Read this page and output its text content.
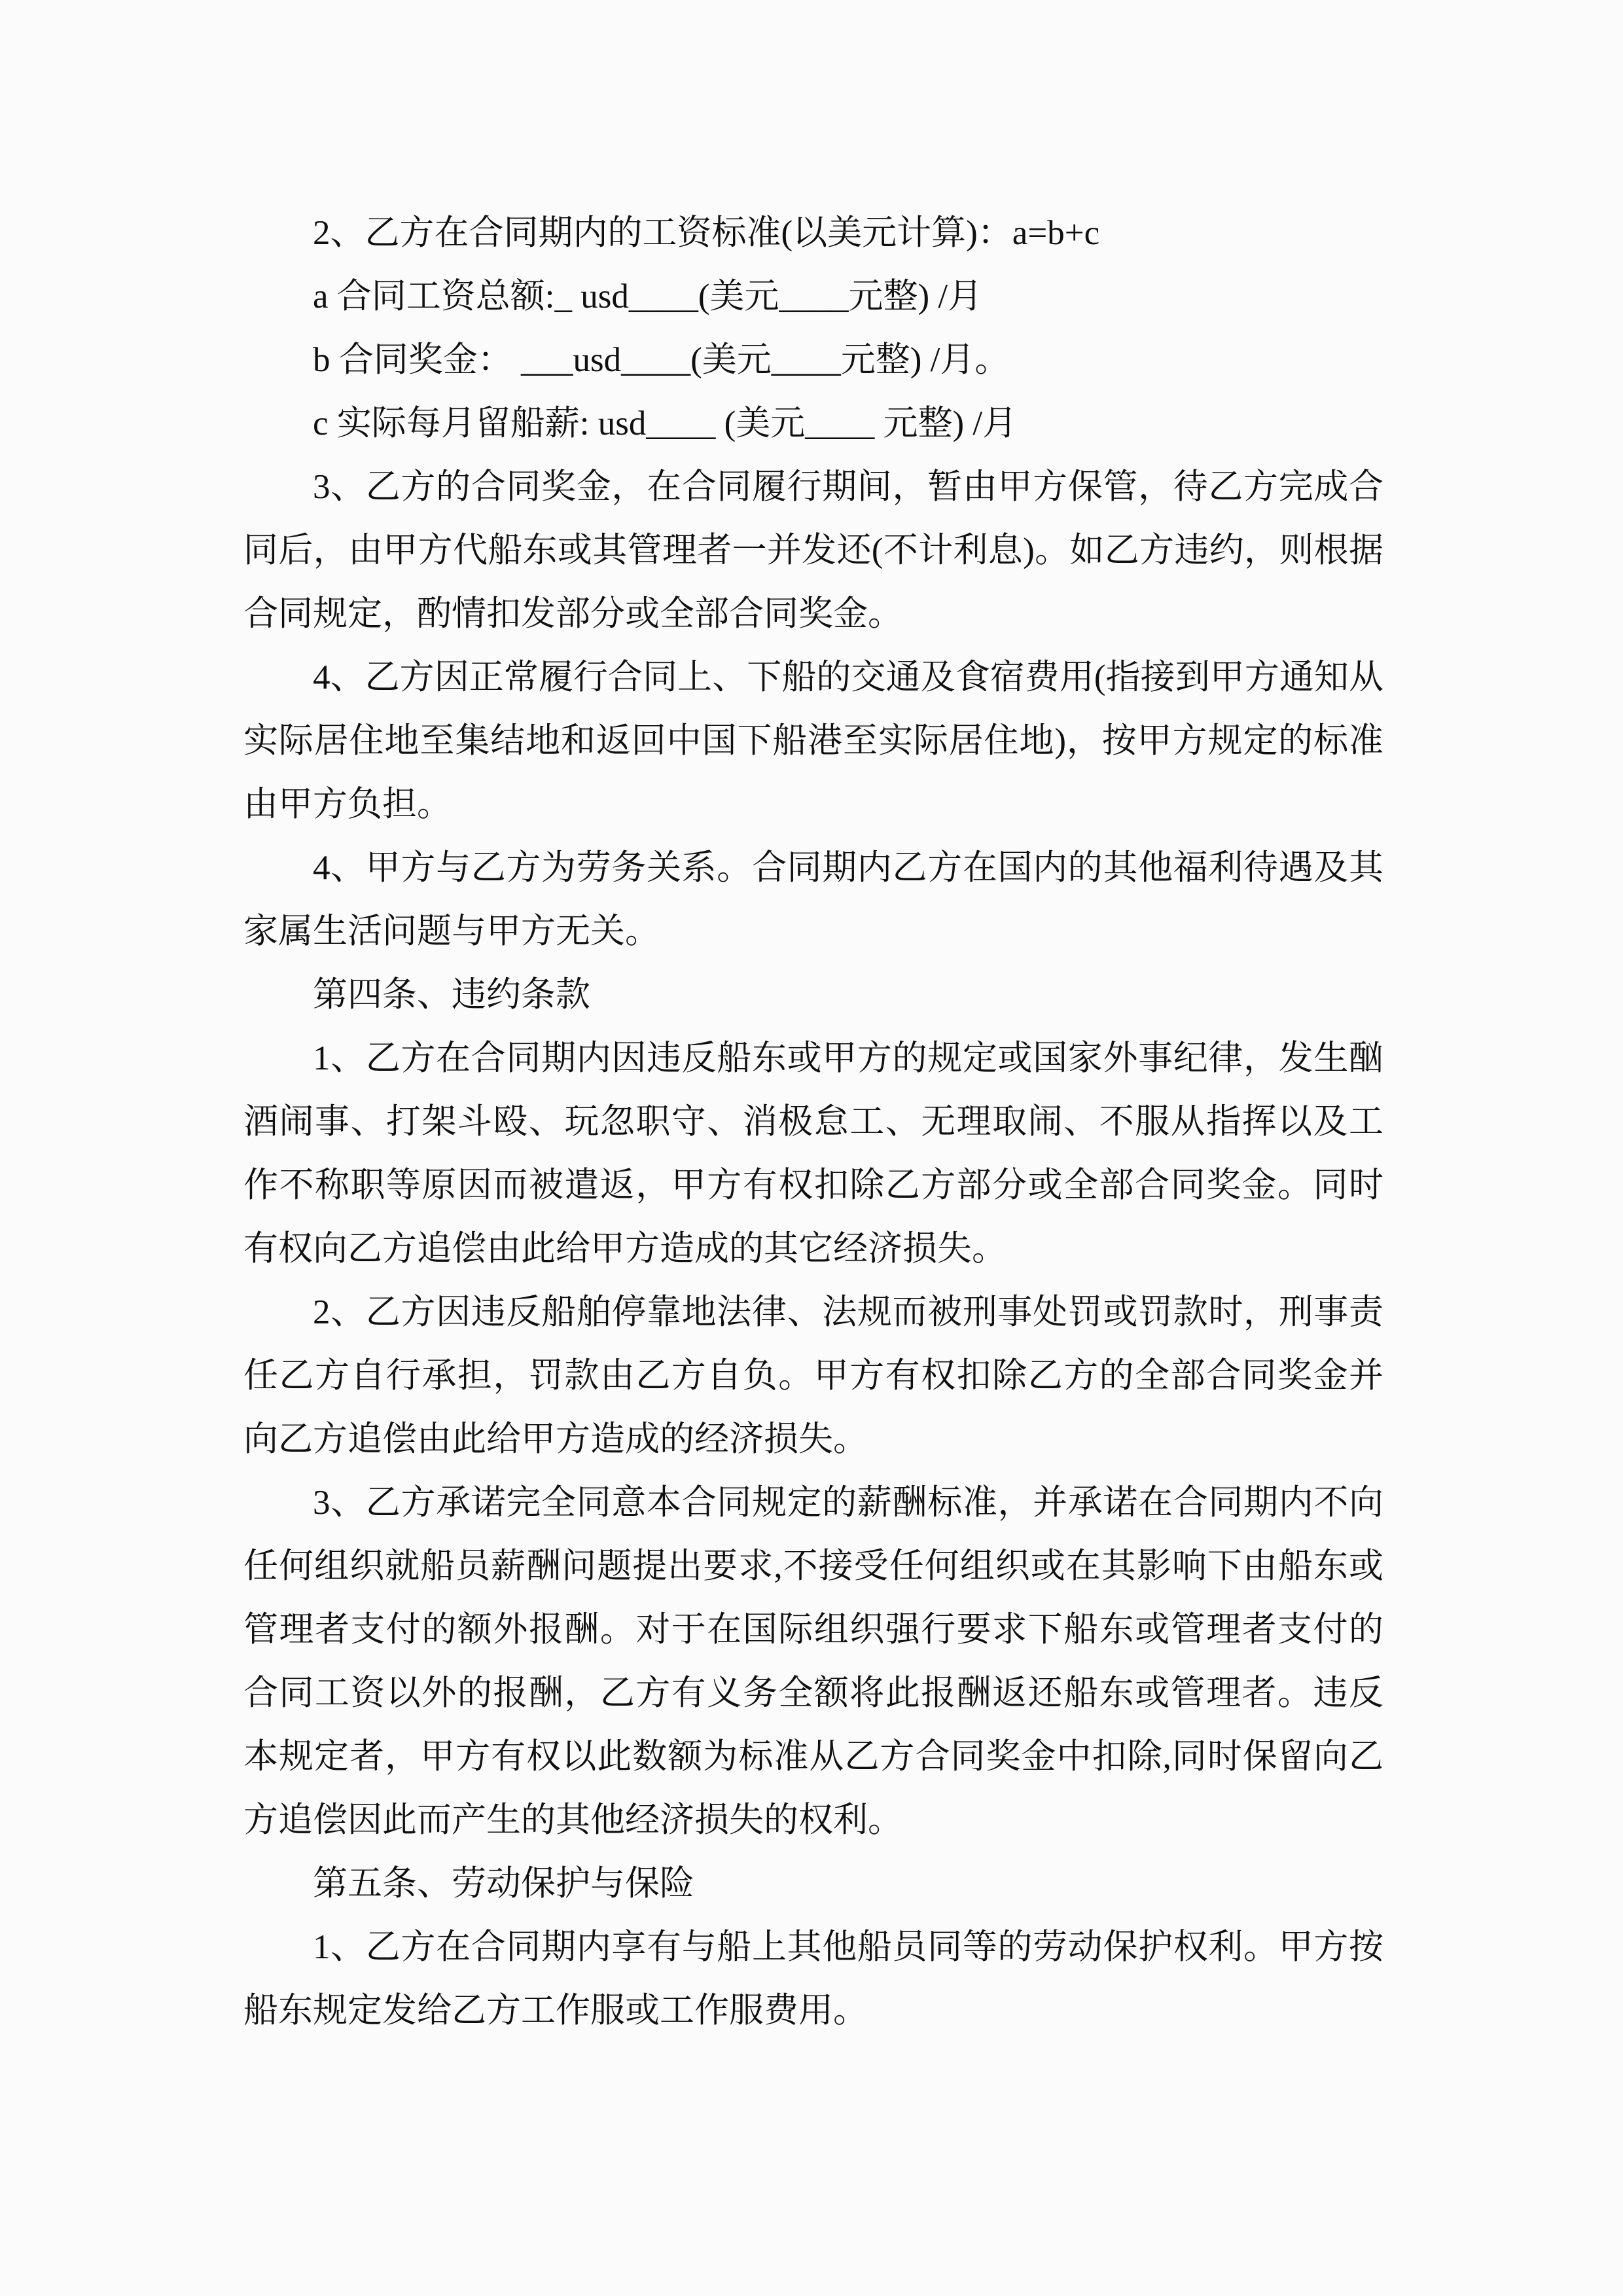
2、乙方在合同期内的工资标准(以美元计算)：a=b+c

a 合同工资总额:_ usd____(美元____元整) /月

b 合同奖金： ___usd____(美元____元整) /月。

c 实际每月留船薪: usd____ (美元____ 元整) /月

3、乙方的合同奖金，在合同履行期间，暂由甲方保管，待乙方完成合同后，由甲方代船东或其管理者一并发还(不计利息)。如乙方违约，则根据合同规定，酌情扣发部分或全部合同奖金。

4、乙方因正常履行合同上、下船的交通及食宿费用(指接到甲方通知从实际居住地至集结地和返回中国下船港至实际居住地)，按甲方规定的标准由甲方负担。

4、甲方与乙方为劳务关系。合同期内乙方在国内的其他福利待遇及其家属生活问题与甲方无关。

第四条、违约条款

1、乙方在合同期内因违反船东或甲方的规定或国家外事纪律，发生酗酒闹事、打架斗殴、玩忽职守、消极怠工、无理取闹、不服从指挥以及工作不称职等原因而被遣返，甲方有权扣除乙方部分或全部合同奖金。同时有权向乙方追偿由此给甲方造成的其它经济损失。

2、乙方因违反船舶停靠地法律、法规而被刑事处罚或罚款时，刑事责任乙方自行承担，罚款由乙方自负。甲方有权扣除乙方的全部合同奖金并向乙方追偿由此给甲方造成的经济损失。

3、乙方承诺完全同意本合同规定的薪酬标准，并承诺在合同期内不向任何组织就船员薪酬问题提出要求,不接受任何组织或在其影响下由船东或管理者支付的额外报酬。对于在国际组织强行要求下船东或管理者支付的合同工资以外的报酬，乙方有义务全额将此报酬返还船东或管理者。违反本规定者，甲方有权以此数额为标准从乙方合同奖金中扣除,同时保留向乙方追偿因此而产生的其他经济损失的权利。

第五条、劳动保护与保险

1、乙方在合同期内享有与船上其他船员同等的劳动保护权利。甲方按船东规定发给乙方工作服或工作服费用。
